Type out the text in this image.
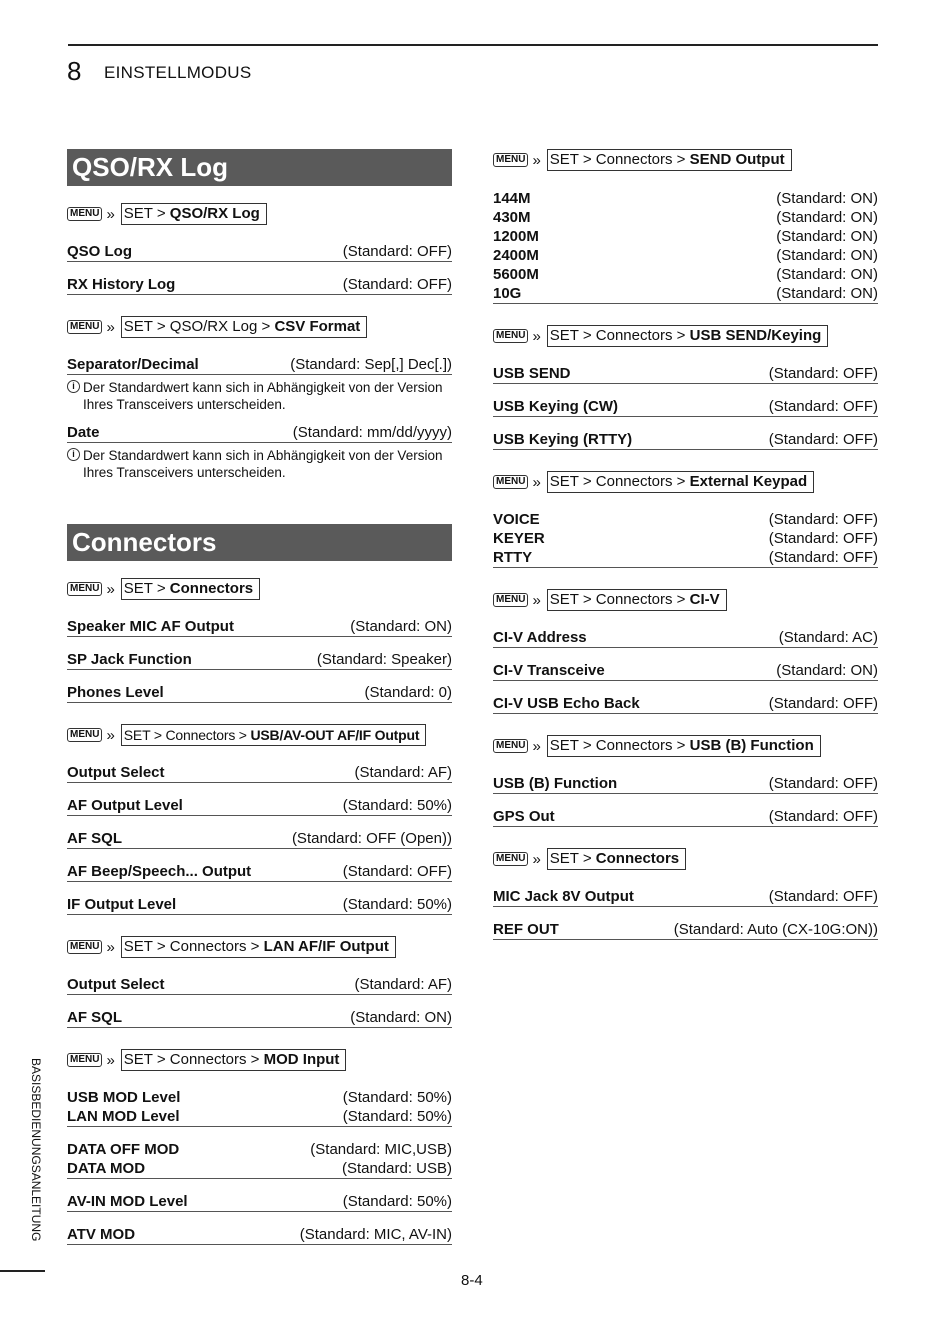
8 EINSTELLMODUS
QSO/RX Log
MENU » SET > QSO/RX Log
QSO Log	(Standard: OFF)
RX History Log	(Standard: OFF)
MENU » SET > QSO/RX Log > CSV Format
Separator/Decimal	(Standard: Sep[,] Dec[.])
i Der Standardwert kann sich in Abhängigkeit von der Version Ihres Transceivers unterscheiden.
Date	(Standard: mm/dd/yyyy)
i Der Standardwert kann sich in Abhängigkeit von der Version Ihres Transceivers unterscheiden.
Connectors
MENU » SET > Connectors
Speaker MIC AF Output	(Standard: ON)
SP Jack Function	(Standard: Speaker)
Phones Level	(Standard: 0)
MENU » SET > Connectors > USB/AV-OUT AF/IF Output
Output Select	(Standard: AF)
AF Output Level	(Standard: 50%)
AF SQL	(Standard: OFF (Open))
AF Beep/Speech... Output	(Standard: OFF)
IF Output Level	(Standard: 50%)
MENU » SET > Connectors > LAN AF/IF Output
Output Select	(Standard: AF)
AF SQL	(Standard: ON)
MENU » SET > Connectors > MOD Input
USB MOD Level	(Standard: 50%)
LAN MOD Level	(Standard: 50%)
DATA OFF MOD	(Standard: MIC,USB)
DATA MOD	(Standard: USB)
AV-IN MOD Level	(Standard: 50%)
ATV MOD	(Standard: MIC, AV-IN)
MENU » SET > Connectors > SEND Output
144M	(Standard: ON)
430M	(Standard: ON)
1200M	(Standard: ON)
2400M	(Standard: ON)
5600M	(Standard: ON)
10G	(Standard: ON)
MENU » SET > Connectors > USB SEND/Keying
USB SEND	(Standard: OFF)
USB Keying (CW)	(Standard: OFF)
USB Keying (RTTY)	(Standard: OFF)
MENU » SET > Connectors > External Keypad
VOICE	(Standard: OFF)
KEYER	(Standard: OFF)
RTTY	(Standard: OFF)
MENU » SET > Connectors > CI-V
CI-V Address	(Standard: AC)
CI-V Transceive	(Standard: ON)
CI-V USB Echo Back	(Standard: OFF)
MENU » SET > Connectors > USB (B) Function
USB (B) Function	(Standard: OFF)
GPS Out	(Standard: OFF)
MENU » SET > Connectors
MIC Jack 8V Output	(Standard: OFF)
REF OUT	(Standard: Auto (CX-10G:ON))
BASISBEDIENUNGSANLEITUNG
8-4
